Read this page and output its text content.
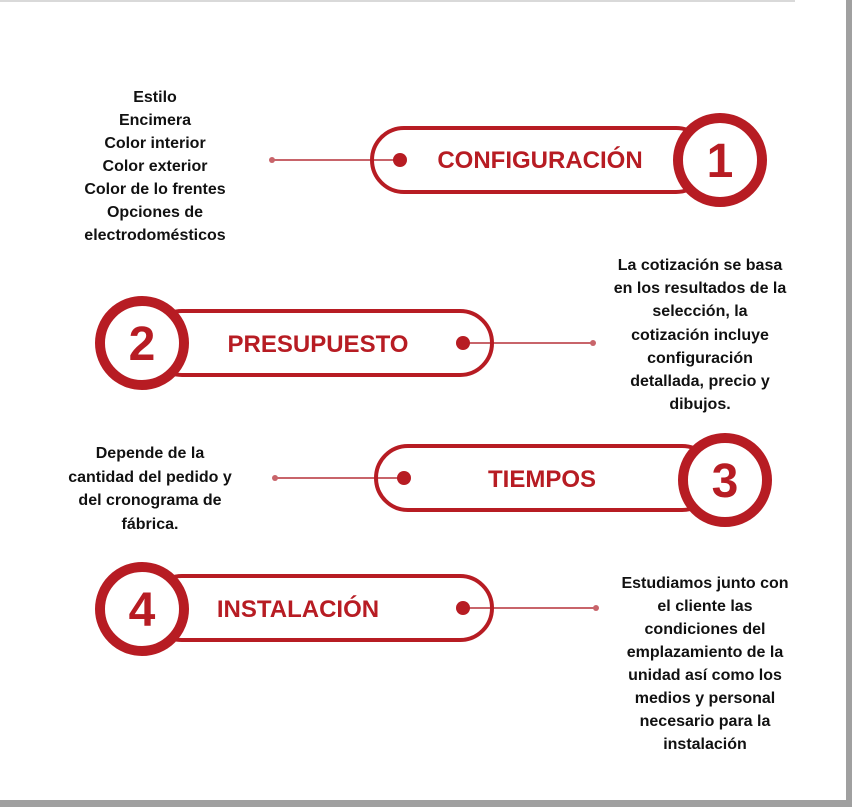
CONFIGURACIÓN 1
PRESUPUESTO
2
TIEMPOS 3
INSTALACIÓN
4

Estilo
Encimera
Color interior
Color exterior
Color de lo frentes
Opciones de
electrodomésticos

La cotización se basa
en los resultados de la
selección, la
cotización incluye
configuración
detallada, precio y
dibujos.

Depende de la
cantidad del pedido y
del cronograma de
fábrica.

Estudiamos junto con
el cliente las
condiciones del
emplazamiento de la
unidad así como los
medios y personal
necesario para la
instalación
